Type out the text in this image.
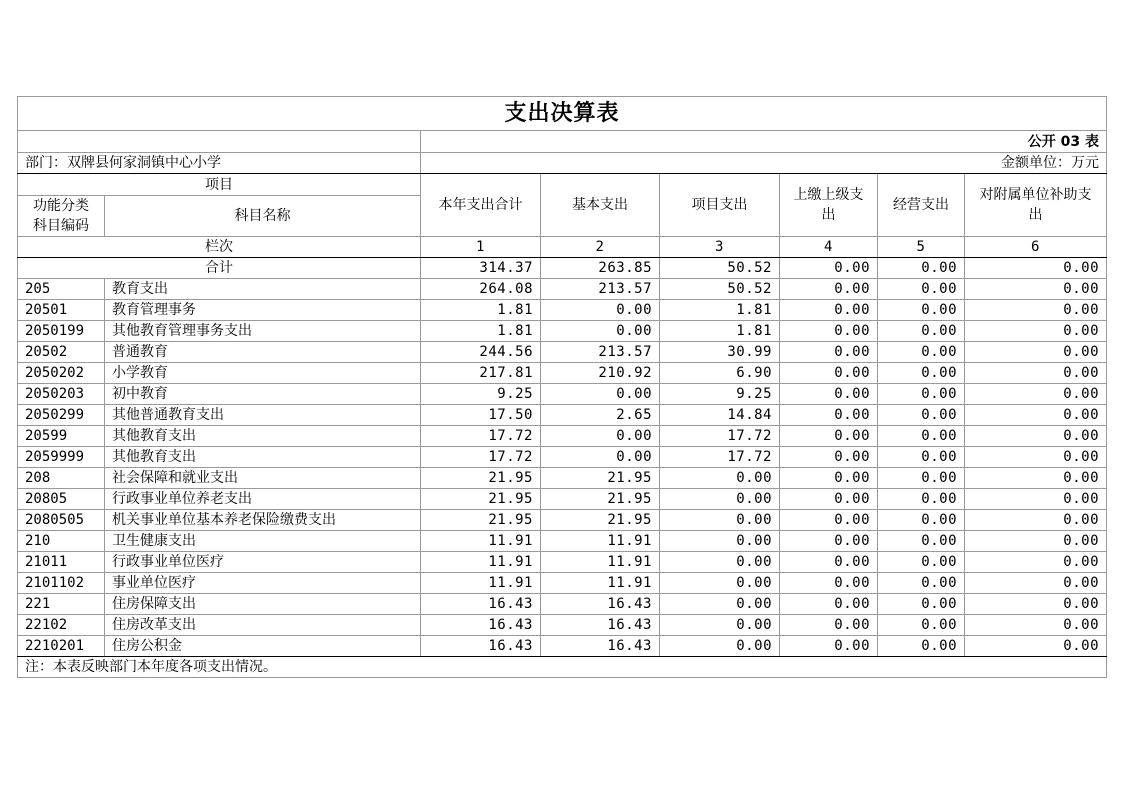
支出决算表							
		公开 03 表					
部门：双牌县何家洞镇中心小学		金额单位：万元					
项目		本年支出合计	基本支出	项目支出	上缴上级支出	经营支出	对附属单位补助支出
功能分类科目编码	科目名称						
栏次		1	2	3	4	5	6
合计		314.37	263.85	50.52	0.00	0.00	0.00
205	教育支出	264.08	213.57	50.52	0.00	0.00	0.00
20501	教育管理事务	1.81	0.00	1.81	0.00	0.00	0.00
2050199	其他教育管理事务支出	1.81	0.00	1.81	0.00	0.00	0.00
20502	普通教育	244.56	213.57	30.99	0.00	0.00	0.00
2050202	小学教育	217.81	210.92	6.90	0.00	0.00	0.00
2050203	初中教育	9.25	0.00	9.25	0.00	0.00	0.00
2050299	其他普通教育支出	17.50	2.65	14.84	0.00	0.00	0.00
20599	其他教育支出	17.72	0.00	17.72	0.00	0.00	0.00
2059999	其他教育支出	17.72	0.00	17.72	0.00	0.00	0.00
208	社会保障和就业支出	21.95	21.95	0.00	0.00	0.00	0.00
20805	行政事业单位养老支出	21.95	21.95	0.00	0.00	0.00	0.00
2080505	机关事业单位基本养老保险缴费支出	21.95	21.95	0.00	0.00	0.00	0.00
210	卫生健康支出	11.91	11.91	0.00	0.00	0.00	0.00
21011	行政事业单位医疗	11.91	11.91	0.00	0.00	0.00	0.00
2101102	事业单位医疗	11.91	11.91	0.00	0.00	0.00	0.00
221	住房保障支出	16.43	16.43	0.00	0.00	0.00	0.00
22102	住房改革支出	16.43	16.43	0.00	0.00	0.00	0.00
2210201	住房公积金	16.43	16.43	0.00	0.00	0.00	0.00
注：本表反映部门本年度各项支出情况。							
